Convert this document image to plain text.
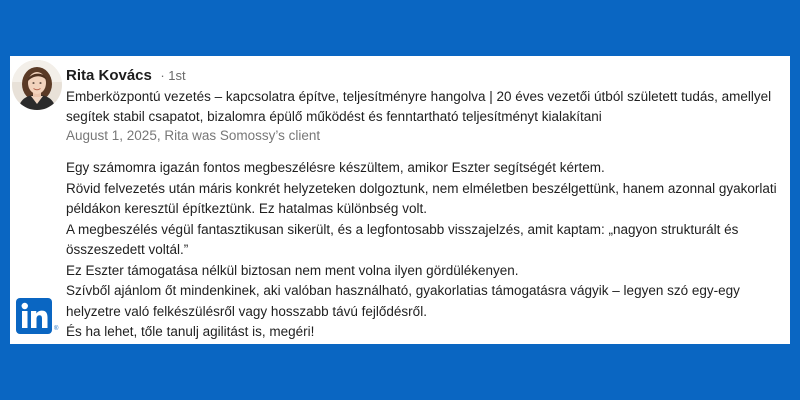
Rita Kovács · 1st
Emberközpontú vezetés – kapcsolatra építve, teljesítményre hangolva | 20 éves vezetői útból született tudás, amellyel segítek stabil csapatot, bizalomra épülő működést és fenntartható teljesítményt kialakítani
August 1, 2025, Rita was Somossy’s client

Egy számomra igazán fontos megbeszélésre készültem, amikor Eszter segítségét kértem.

Rövid felvezetés után máris konkrét helyzeteken dolgoztunk, nem elméletben beszélgettünk, hanem azonnal gyakorlati példákon keresztül építkeztünk. Ez hatalmas különbség volt.

A megbeszélés végül fantasztikusan sikerült, és a legfontosabb visszajelzés, amit kaptam: „nagyon strukturált és összeszedett voltál.”

Ez Eszter támogatása nélkül biztosan nem ment volna ilyen gördülékenyen.

Szívből ajánlom őt mindenkinek, aki valóban használható, gyakorlatias támogatásra vágyik – legyen szó egy-egy helyzetre való felkészülésről vagy hosszabb távú fejlődésről.

És ha lehet, tőle tanulj agilitást is, megéri!

®
